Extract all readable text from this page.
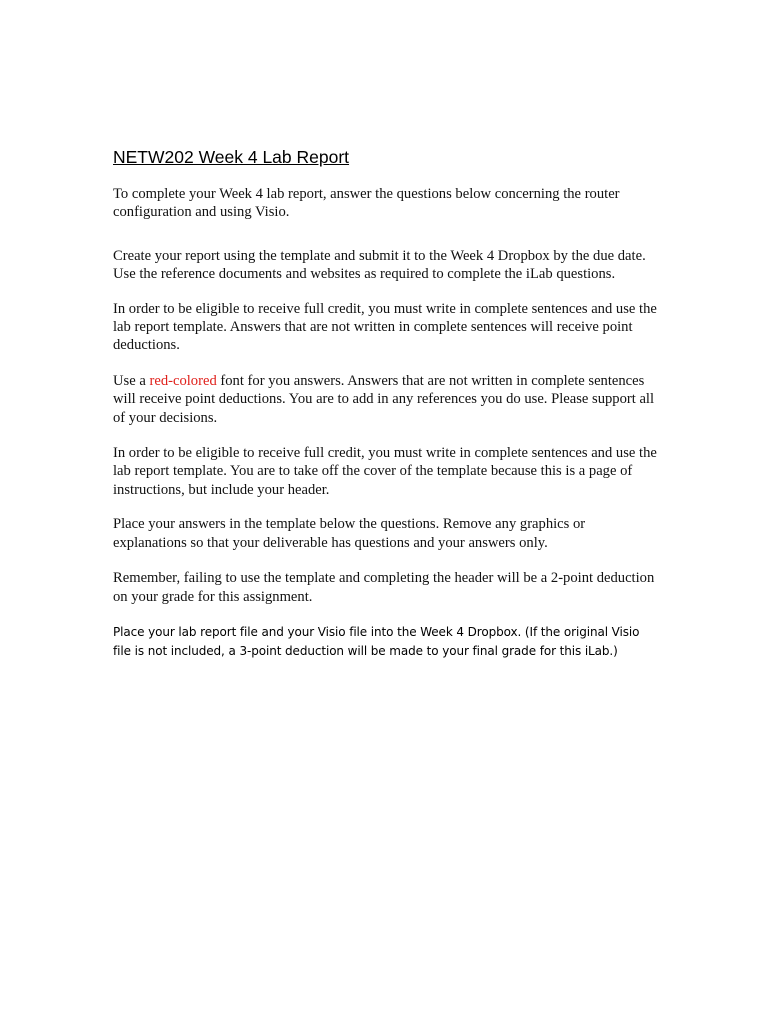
NETW202 Week 4 Lab Report

To complete your Week 4 lab report, answer the questions below concerning the router configuration and using Visio.

Create your report using the template and submit it to the Week 4 Dropbox by the due date. Use the reference documents and websites as required to complete the iLab questions.

In order to be eligible to receive full credit, you must write in complete sentences and use the lab report template. Answers that are not written in complete sentences will receive point deductions.

Use a red-colored font for you answers. Answers that are not written in complete sentences will receive point deductions. You are to add in any references you do use. Please support all of your decisions.

In order to be eligible to receive full credit, you must write in complete sentences and use the lab report template. You are to take off the cover of the template because this is a page of instructions, but include your header.

Place your answers in the template below the questions. Remove any graphics or explanations so that your deliverable has questions and your answers only.

Remember, failing to use the template and completing the header will be a 2-point deduction on your grade for this assignment.

Place your lab report file and your Visio file into the Week 4 Dropbox. (If the original Visio file is not included, a 3-point deduction will be made to your final grade for this iLab.)
